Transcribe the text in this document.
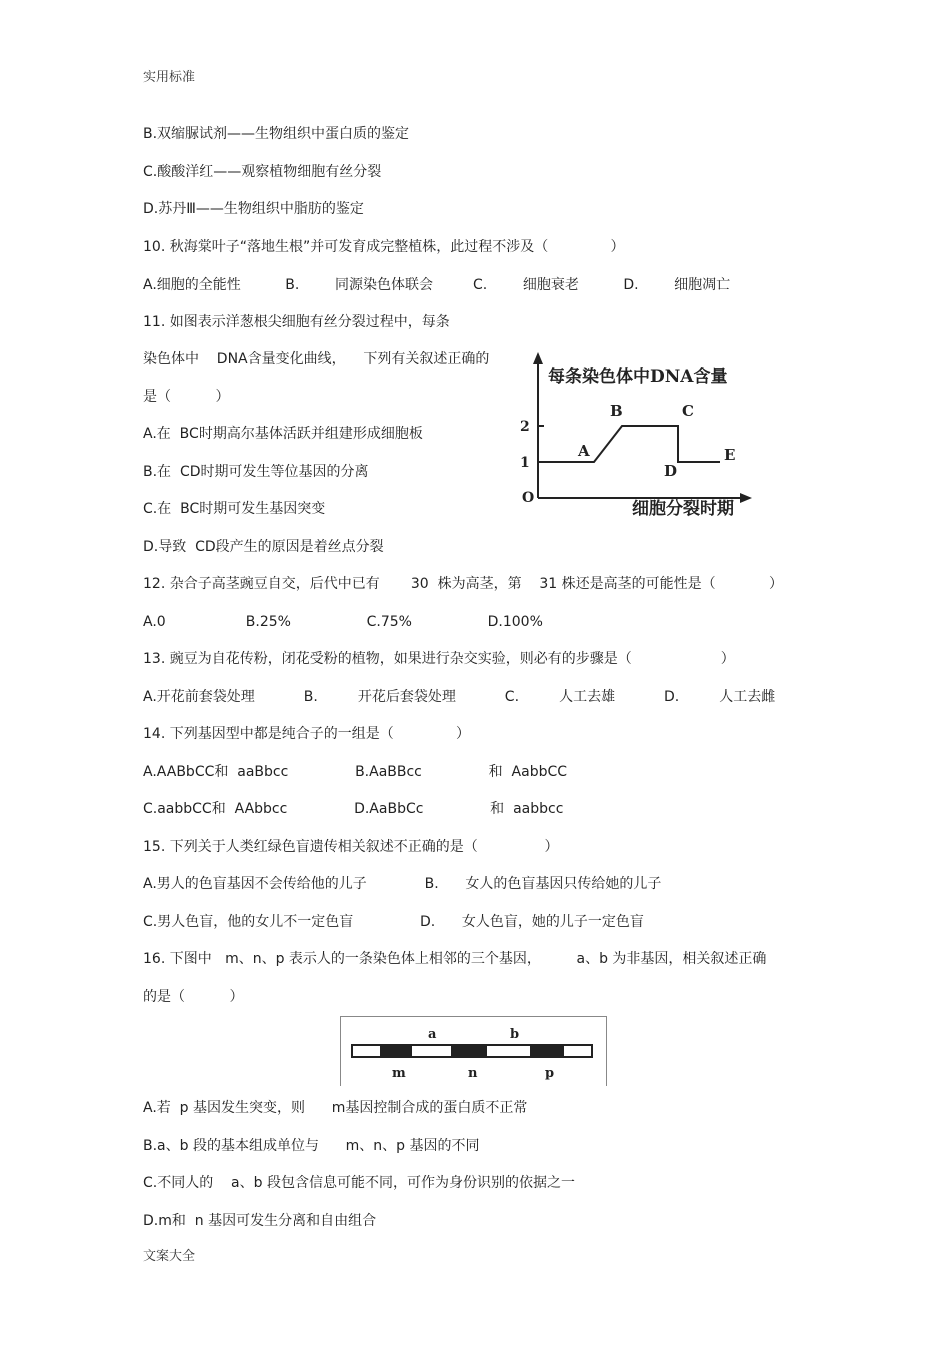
实用标准
文案大全
B.双缩脲试剂——生物组织中蛋白质的鉴定
C.酸酸洋红——观察植物细胞有丝分裂
D.苏丹Ⅲ——生物组织中脂肪的鉴定
10. 秋海棠叶子“落地生根”并可发育成完整植株，此过程不涉及（              ）
A.细胞的全能性          B.        同源染色体联会         C.        细胞衰老          D.        细胞凋亡
11. 如图表示洋葱根尖细胞有丝分裂过程中，每条
染色体中    DNA含量变化曲线，    下列有关叙述正确的
是（          ）
A.在  BC时期高尔基体活跃并组建形成细胞板
B.在  CD时期可发生等位基因的分离
C.在  BC时期可发生基因突变
D.导致  CD段产生的原因是着丝点分裂
12. 杂合子高茎豌豆自交，后代中已有       30  株为高茎，第    31 株还是高茎的可能性是（            ）
A.0                  B.25%                 C.75%                 D.100%
13. 豌豆为自花传粉，闭花受粉的植物，如果进行杂交实验，则必有的步骤是（                    ）
A.开花前套袋处理           B.         开花后套袋处理           C.         人工去雄           D.         人工去雌
14. 下列基因型中都是纯合子的一组是（              ）
A.AABbCC和  aaBbcc               B.AaBBcc               和  AabbCC
C.aabbCC和  AAbbcc               D.AaBbCc               和  aabbcc
15. 下列关于人类红绿色盲遗传相关叙述不正确的是（               ）
A.男人的色盲基因不会传给他的儿子             B.      女人的色盲基因只传给她的儿子
C.男人色盲，他的女儿不一定色盲               D.      女人色盲，她的儿子一定色盲
16. 下图中   m、n、p 表示人的一条染色体上相邻的三个基因，        a、b 为非基因，相关叙述正确
的是（          ）
A.若  p 基因发生突变，则      m基因控制合成的蛋白质不正常
B.a、b 段的基本组成单位与      m、n、p 基因的不同
C.不同人的    a、b 段包含信息可能不同，可作为身份识别的依据之一
D.m和  n 基因可发生分离和自由组合
每条染色体中DNA含量
细胞分裂时期
O
2
1
A
B	C
D
E
a	b
m	n	p
